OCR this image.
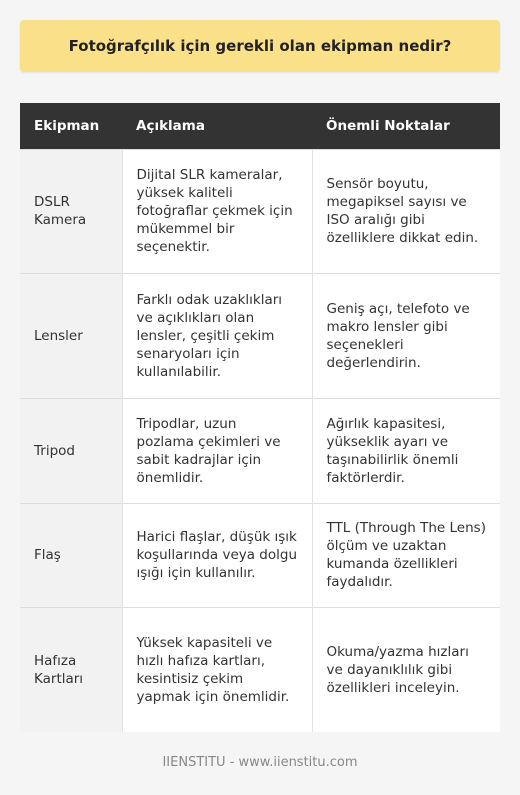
Fotoğrafçılık için gerekli olan ekipman nedir?
Ekipman	Açıklama	Önemli Noktalar
DSLR Kamera	Dijital SLR kameralar, yüksek kaliteli fotoğraflar çekmek için mükemmel bir seçenektir.	Sensör boyutu, megapiksel sayısı ve ISO aralığı gibi özelliklere dikkat edin.
Lensler	Farklı odak uzaklıkları ve açıklıkları olan lensler, çeşitli çekim senaryoları için kullanılabilir.	Geniş açı, telefoto ve makro lensler gibi seçenekleri değerlendirin.
Tripod	Tripodlar, uzun pozlama çekimleri ve sabit kadrajlar için önemlidir.	Ağırlık kapasitesi, yükseklik ayarı ve taşınabilirlik önemli faktörlerdir.
Flaş	Harici flaşlar, düşük ışık koşullarında veya dolgu ışığı için kullanılır.	TTL (Through The Lens) ölçüm ve uzaktan kumanda özellikleri faydalıdır.
Hafıza Kartları	Yüksek kapasiteli ve hızlı hafıza kartları, kesintisiz çekim yapmak için önemlidir.	Okuma/yazma hızları ve dayanıklılık gibi özellikleri inceleyin.
IIENSTITU - www.iienstitu.com
